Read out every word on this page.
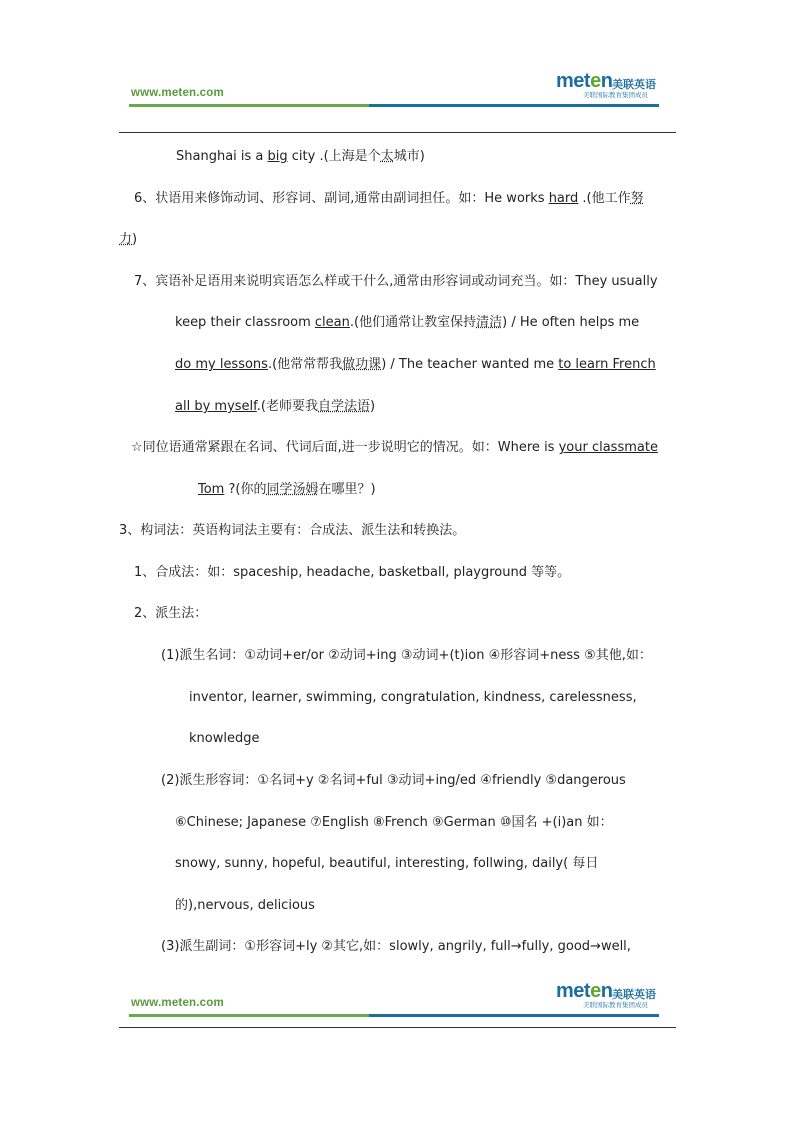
www.meten.com
meten 美联英语
美联国际教育集团成员
Shanghai is a big city .(上海是个太城市)
6、状语用来修饰动词、形容词、副词,通常由副词担任。如：He works hard .(他工作努
力)
7、宾语补足语用来说明宾语怎么样或干什么,通常由形容词或动词充当。如：They usually
keep their classroom clean.(他们通常让教室保持清洁) / He often helps me
do my lessons.(他常常帮我做功课) / The teacher wanted me to learn French
all by myself.(老师要我自学法语)
☆同位语通常紧跟在名词、代词后面,进一步说明它的情况。如：Where is your classmate
Tom ?(你的同学汤姆在哪里？)
3、构词法：英语构词法主要有：合成法、派生法和转换法。
1、合成法：如：spaceship, headache, basketball, playground 等等。
2、派生法：
(1)派生名词：①动词+er/or ②动词+ing ③动词+(t)ion ④形容词+ness ⑤其他,如：
inventor, learner, swimming, congratulation, kindness, carelessness,
knowledge
(2)派生形容词：①名词+y ②名词+ful ③动词+ing/ed ④friendly ⑤dangerous
⑥Chinese; Japanese ⑦English ⑧French ⑨German ⑩国名 +(i)an 如：
snowy, sunny, hopeful, beautiful, interesting, follwing, daily( 每日
的),nervous, delicious
(3)派生副词：①形容词+ly ②其它,如：slowly, angrily, full→fully, good→well,
www.meten.com
meten 美联英语
美联国际教育集团成员
